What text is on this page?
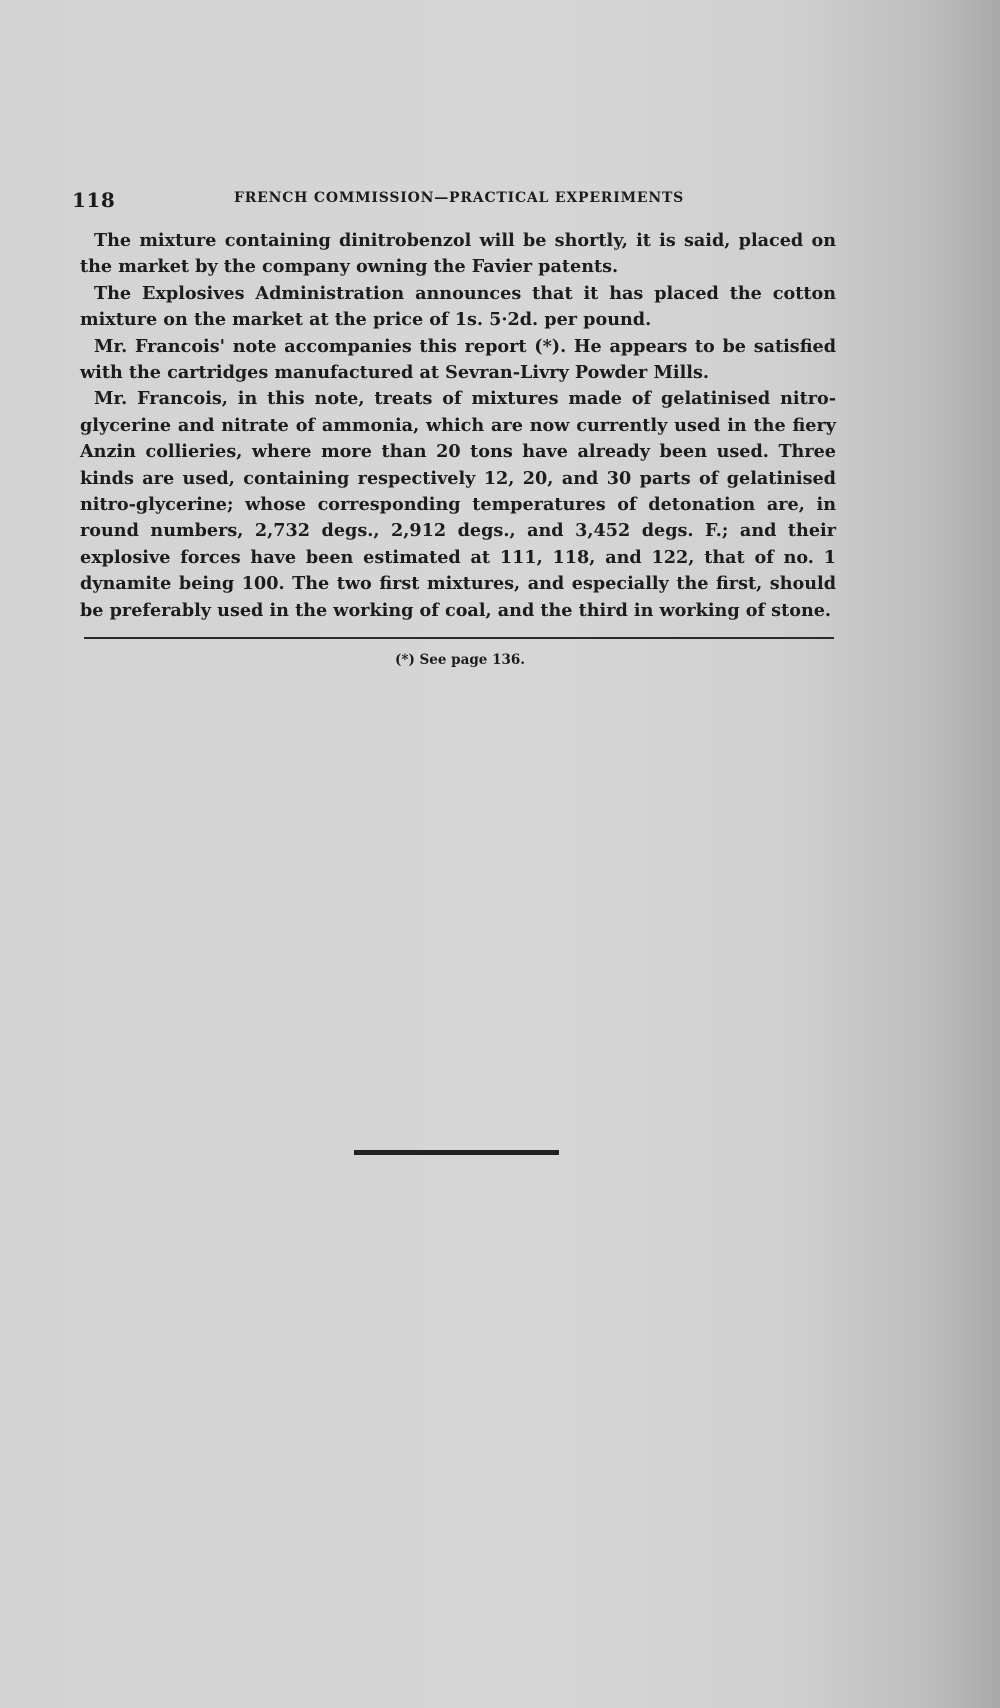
118	FRENCH COMMISSION—PRACTICAL EXPERIMENTS

The mixture containing dinitrobenzol will be shortly, it is said, placed on the market by the company owning the Favier patents.

The Explosives Administration announces that it has placed the cotton mixture on the market at the price of 1s. 5·2d. per pound.

Mr. Francois' note accompanies this report (*). He appears to be satisfied with the cartridges manufactured at Sevran-Livry Powder Mills.

Mr. Francois, in this note, treats of mixtures made of gelatinised nitro-glycerine and nitrate of ammonia, which are now currently used in the fiery Anzin collieries, where more than 20 tons have already been used. Three kinds are used, containing respectively 12, 20, and 30 parts of gelatinised nitro-glycerine; whose corresponding temperatures of detonation are, in round numbers, 2,732 degs., 2,912 degs., and 3,452 degs. F.; and their explosive forces have been estimated at 111, 118, and 122, that of no. 1 dynamite being 100. The two first mixtures, and especially the first, should be preferably used in the working of coal, and the third in working of stone.

(*) See page 136.
